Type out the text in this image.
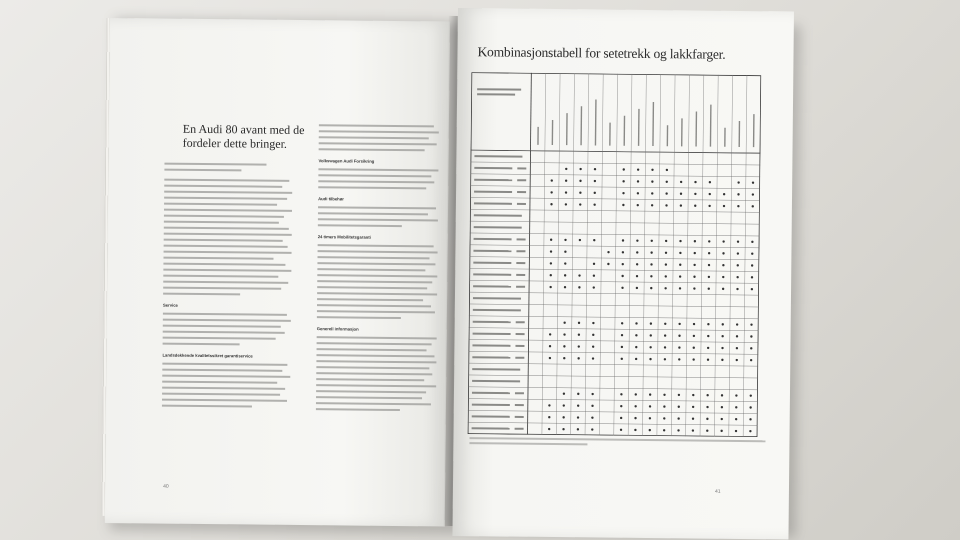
En Audi 80 avant med de fordeler dette bringer.
Service
Landsdekkende kvalitetssikret garantiservice
Volkswagen Audi Forsikring
Audi tilbehør
24 timers Mobilitetsgaranti
Generell informasjon
40
Kombinasjonstabell for setetrekk og lakkfarger.
41
